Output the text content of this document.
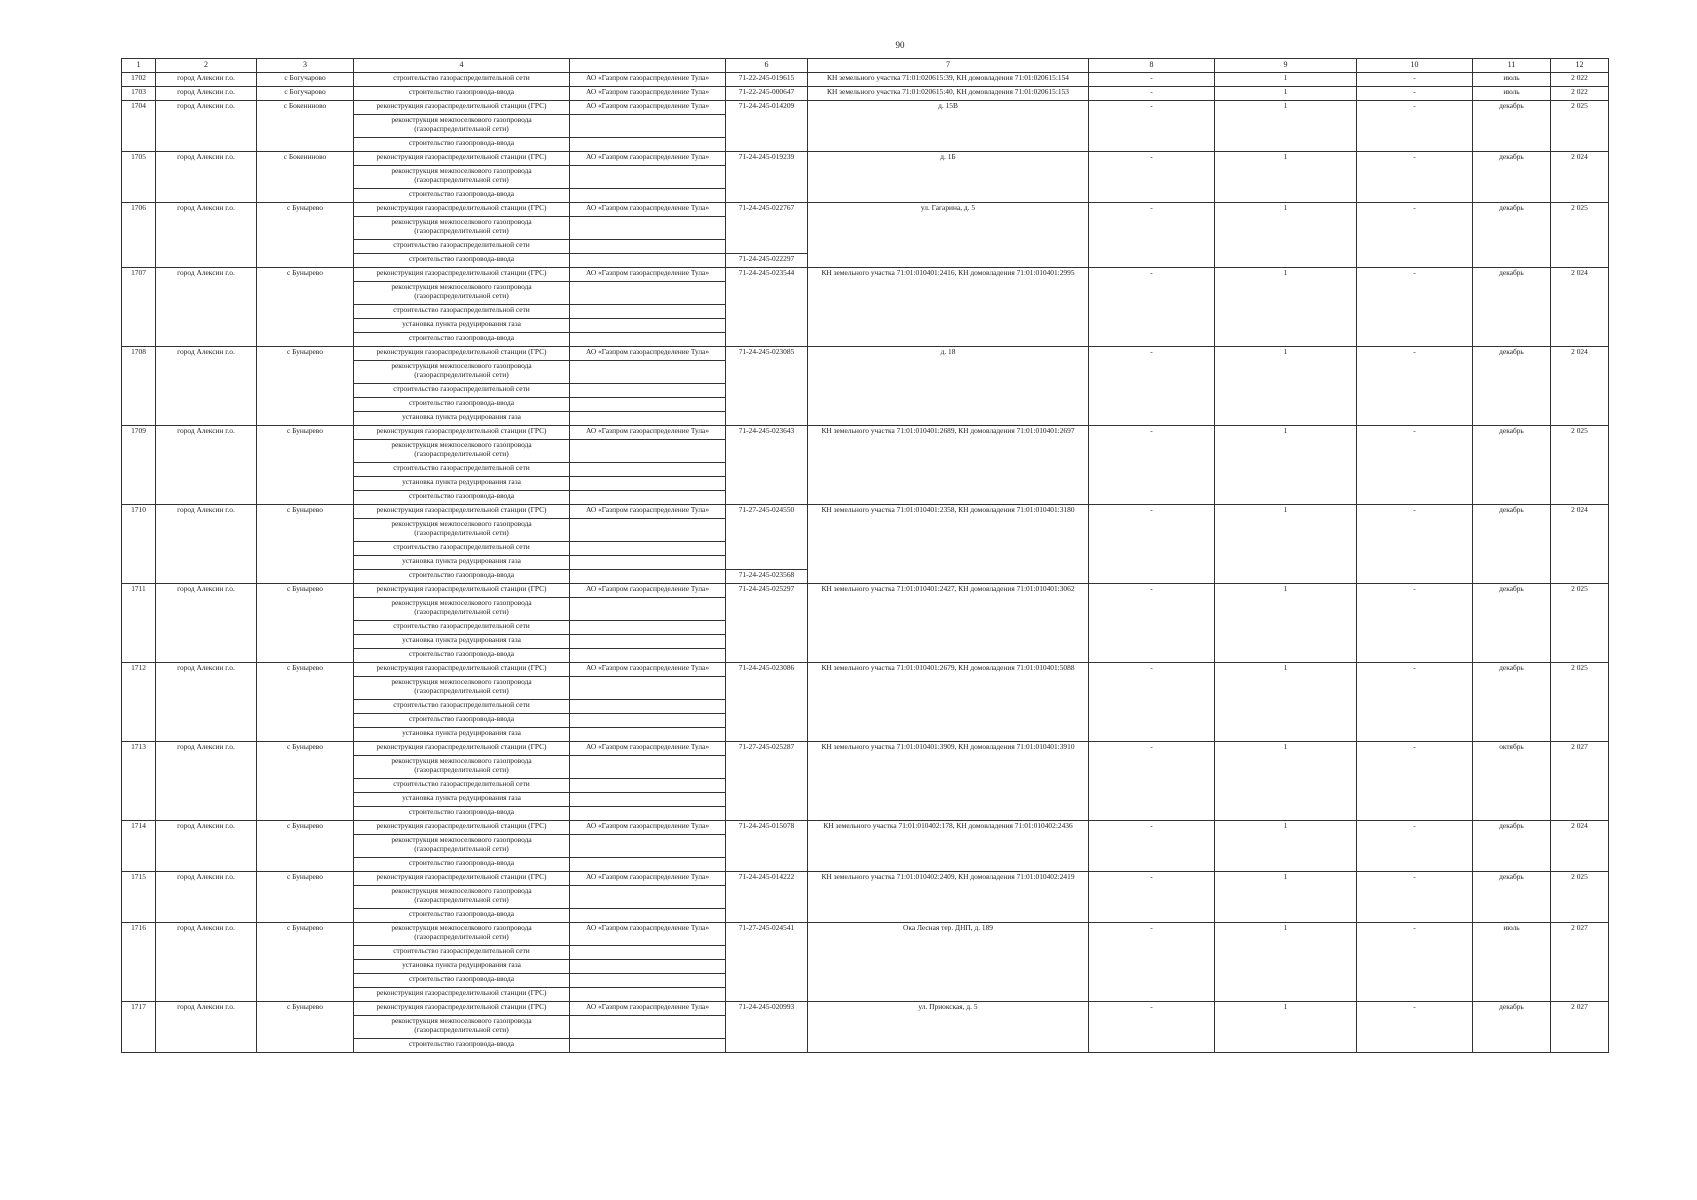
90
1	2	3	4		6	7	8	9	10	11	12
1702	город Алексин г.о.	с Богучарово	строительство газораспределительной сети	АО «Газпром газораспределение Тула»	71-22-245-019615	КН земельного участка 71:01:020615:39, КН домовладения 71:01:020615:154	-	1	-	июль	2 022
1703	город Алексин г.о.	с Богучарово	строительство газопровода-ввода	АО «Газпром газораспределение Тула»	71-22-245-000647	КН земельного участка 71:01:020615:40, КН домовладения 71:01:020615:153	-	1	-	июль	2 022
1704	город Алексин г.о.	с Бокеннново	реконструкция газораспределительной станции (ГРС)	АО «Газпром газораспределение Тула»	71-24-245-014209	д. 15В	-	1	-	декабрь	2 025
			реконструкция межпоселкового газопровода (газораспределительной сети)								
			строительство газопровода-ввода								
1705	город Алексин г.о.	с Бокеннново	реконструкция газораспределительной станции (ГРС)	АО «Газпром газораспределение Тула»	71-24-245-019239	д. 1Б	-	1	-	декабрь	2 024
			реконструкция межпоселкового газопровода (газораспределительной сети)								
			строительство газопровода-ввода								
1706	город Алексин г.о.	с Бунырево	реконструкция газораспределительной станции (ГРС)	АО «Газпром газораспределение Тула»	71-24-245-022767	ул. Гагарина, д. 5	-	1	-	декабрь	2 025
			реконструкция межпоселкового газопровода (газораспределительной сети)								
			строительство газораспределительной сети								
			строительство газопровода-ввода		71-24-245-022297						
1707	город Алексин г.о.	с Буныревo	реконструкция газораспределительной станции (ГРС)	АО «Газпром газораспределение Тула»	71-24-245-023544	КН земельного участка 71:01:010401:2416, КН домовладения 71:01:010401:2995	-	1	-	декабрь	2 024
			реконструкция межпоселкового газопровода (газораспределительной сети)								
			строительство газораспределительной сети								
			установка пункта редуцирования газа								
			строительство газопровода-ввода								
1708	город Алексин г.о.	с Буныревo	реконструкция газораспределительной станции (ГРС)	АО «Газпром газораспределение Тула»	71-24-245-023085	д. 18	-	1	-	декабрь	2 024
			реконструкция межпоселкового газопровода (газораспределительной сети)								
			строительство газораспределительной сети								
			строительство газопровода-ввода								
			установка пункта редуцирования газа								
1709	город Алексин г.о.	с Буныревo	реконструкция газораспределительной станции (ГРС)	АО «Газпром газораспределение Тула»	71-24-245-023643	КН земельного участка 71:01:010401:2689, КН домовладения 71:01:010401:2697	-	1	-	декабрь	2 025
			реконструкция межпоселкового газопровода (газораспределительной сети)								
			строительство газораспределительной сети								
			установка пункта редуцирования газа								
			строительство газопровода-ввода								
1710	город Алексин г.о.	с Буныревo	реконструкция газораспределительной станции (ГРС)	АО «Газпром газораспределение Тула»	71-27-245-024550	КН земельного участка 71:01:010401:2358, КН домовладения 71:01:010401:3180	-	1	-	декабрь	2 024
			реконструкция межпоселкового газопровода (газораспределительной сети)								
			строительство газораспределительной сети								
			установка пункта редуцирования газа								
			строительство газопровода-ввода		71-24-245-023568						
1711	город Алексин г.о.	с Буныревo	реконструкция газораспределительной станции (ГРС)	АО «Газпром газораспределение Тула»	71-24-245-025297	КН земельного участка 71:01:010401:2427, КН домовладения 71:01:010401:3062	-	1	-	декабрь	2 025
			реконструкция межпоселкового газопровода (газораспределительной сети)								
			строительство газораспределительной сети								
			установка пункта редуцирования газа								
			строительство газопровода-ввода								
1712	город Алексин г.о.	с Буныревo	реконструкция газораспределительной станции (ГРС)	АО «Газпром газораспределение Тула»	71-24-245-023086	КН земельного участка 71:01:010401:2679, КН домовладения 71:01:010401:5088	-	1	-	декабрь	2 025
			реконструкция межпоселкового газопровода (газораспределительной сети)								
			строительство газораспределительной сети								
			строительство газопровода-ввода								
			установка пункта редуцирования газа								
1713	город Алексин г.о.	с Буныревo	реконструкция газораспределительной станции (ГРС)	АО «Газпром газораспределение Тула»	71-27-245-025287	КН земельного участка 71:01:010401:3909, КН домовладения 71:01:010401:3910	-	1	-	октябрь	2 027
			реконструкция межпоселкового газопровода (газораспределительной сети)								
			строительство газораспределительной сети								
			установка пункта редуцирования газа								
			строительство газопровода-ввода								
1714	город Алексин г.о.	с Буныревo	реконструкция газораспределительной станции (ГРС)	АО «Газпром газораспределение Тула»	71-24-245-015078	КН земельного участка 71:01:010402:178, КН домовладения 71:01:010402:2436	-	1	-	декабрь	2 024
			реконструкция межпоселкового газопровода (газораспределительной сети)								
			строительство газопровода-ввода								
1715	город Алексин г.о.	с Буныревo	реконструкция газораспределительной станции (ГРС)	АО «Газпром газораспределение Тула»	71-24-245-014222	КН земельного участка 71:01:010402:2409, КН домовладения 71:01:010402:2419	-	1	-	декабрь	2 025
			реконструкция межпоселкового газопровода (газораспределительной сети)								
			строительство газопровода-ввода								
1716	город Алексин г.о.	с Буныревo	реконструкция межпоселкового газопровода (газораспределительной сети)	АО «Газпром газораспределение Тула»	71-27-245-024541	Ока Лесная тер. ДНП, д. 189	-	1	-	июль	2 027
			строительство газораспределительной сети								
			установка пункта редуцирования газа								
			строительство газопровода-ввода								
			реконструкция газораспределительной станции (ГРС)								
1717	город Алексин г.о.	с Буныревo	реконструкция газораспределительной станции (ГРС)	АО «Газпром газораспределение Тула»	71-24-245-020993	ул. Приокская, д. 5	-	1	-	декабрь	2 027
			реконструкция межпоселкового газопровода (газораспределительной сети)								
			строительство газопровода-ввода								
